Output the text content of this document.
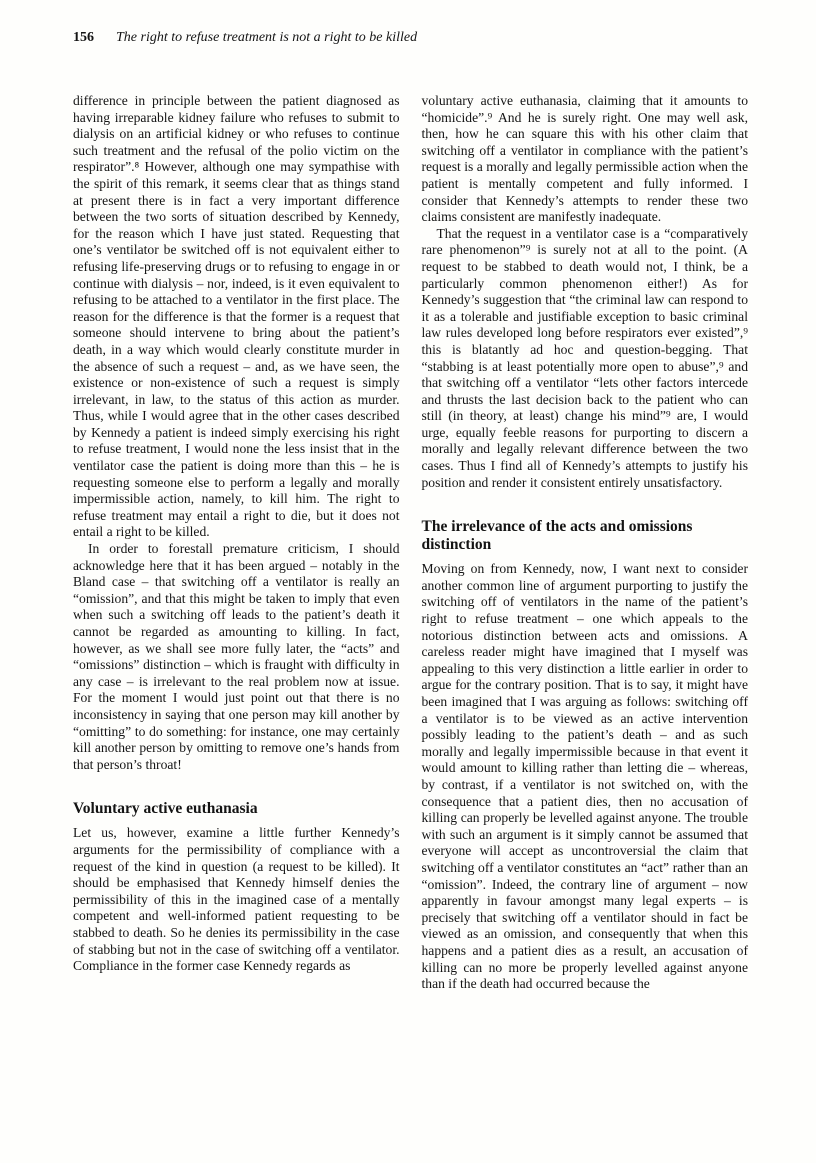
156 The right to refuse treatment is not a right to be killed

difference in principle between the patient diagnosed as having irreparable kidney failure who refuses to submit to dialysis on an artificial kidney or who refuses to continue such treatment and the refusal of the polio victim on the respirator”.⁸ However, although one may sympathise with the spirit of this remark, it seems clear that as things stand at present there is in fact a very important difference between the two sorts of situation described by Kennedy, for the reason which I have just stated. Requesting that one’s ventilator be switched off is not equivalent either to refusing life-preserving drugs or to refusing to engage in or continue with dialysis – nor, indeed, is it even equivalent to refusing to be attached to a ventilator in the first place. The reason for the difference is that the former is a request that someone should intervene to bring about the patient’s death, in a way which would clearly constitute murder in the absence of such a request – and, as we have seen, the existence or non-existence of such a request is simply irrelevant, in law, to the status of this action as murder. Thus, while I would agree that in the other cases described by Kennedy a patient is indeed simply exercising his right to refuse treatment, I would none the less insist that in the ventilator case the patient is doing more than this – he is requesting someone else to perform a legally and morally impermissible action, namely, to kill him. The right to refuse treatment may entail a right to die, but it does not entail a right to be killed.

In order to forestall premature criticism, I should acknowledge here that it has been argued – notably in the Bland case – that switching off a ventilator is really an “omission”, and that this might be taken to imply that even when such a switching off leads to the patient’s death it cannot be regarded as amounting to killing. In fact, however, as we shall see more fully later, the “acts” and “omissions” distinction – which is fraught with difficulty in any case – is irrelevant to the real problem now at issue. For the moment I would just point out that there is no inconsistency in saying that one person may kill another by “omitting” to do something: for instance, one may certainly kill another person by omitting to remove one’s hands from that person’s throat!

Voluntary active euthanasia

Let us, however, examine a little further Kennedy’s arguments for the permissibility of compliance with a request of the kind in question (a request to be killed). It should be emphasised that Kennedy himself denies the permissibility of this in the imagined case of a mentally competent and well-informed patient requesting to be stabbed to death. So he denies its permissibility in the case of stabbing but not in the case of switching off a ventilator. Compliance in the former case Kennedy regards as

voluntary active euthanasia, claiming that it amounts to “homicide”.⁹ And he is surely right. One may well ask, then, how he can square this with his other claim that switching off a ventilator in compliance with the patient’s request is a morally and legally permissible action when the patient is mentally competent and fully informed. I consider that Kennedy’s attempts to render these two claims consistent are manifestly inadequate.

That the request in a ventilator case is a “comparatively rare phenomenon”⁹ is surely not at all to the point. (A request to be stabbed to death would not, I think, be a particularly common phenomenon either!) As for Kennedy’s suggestion that “the criminal law can respond to it as a tolerable and justifiable exception to basic criminal law rules developed long before respirators ever existed”,⁹ this is blatantly ad hoc and question-begging. That “stabbing is at least potentially more open to abuse”,⁹ and that switching off a ventilator “lets other factors intercede and thrusts the last decision back to the patient who can still (in theory, at least) change his mind”⁹ are, I would urge, equally feeble reasons for purporting to discern a morally and legally relevant difference between the two cases. Thus I find all of Kennedy’s attempts to justify his position and render it consistent entirely unsatisfactory.

The irrelevance of the acts and omissions distinction

Moving on from Kennedy, now, I want next to consider another common line of argument purporting to justify the switching off of ventilators in the name of the patient’s right to refuse treatment – one which appeals to the notorious distinction between acts and omissions. A careless reader might have imagined that I myself was appealing to this very distinction a little earlier in order to argue for the contrary position. That is to say, it might have been imagined that I was arguing as follows: switching off a ventilator is to be viewed as an active intervention possibly leading to the patient’s death – and as such morally and legally impermissible because in that event it would amount to killing rather than letting die – whereas, by contrast, if a ventilator is not switched on, with the consequence that a patient dies, then no accusation of killing can properly be levelled against anyone. The trouble with such an argument is it simply cannot be assumed that everyone will accept as uncontroversial the claim that switching off a ventilator constitutes an “act” rather than an “omission”. Indeed, the contrary line of argument – now apparently in favour amongst many legal experts – is precisely that switching off a ventilator should in fact be viewed as an omission, and consequently that when this happens and a patient dies as a result, an accusation of killing can no more be properly levelled against anyone than if the death had occurred because the
